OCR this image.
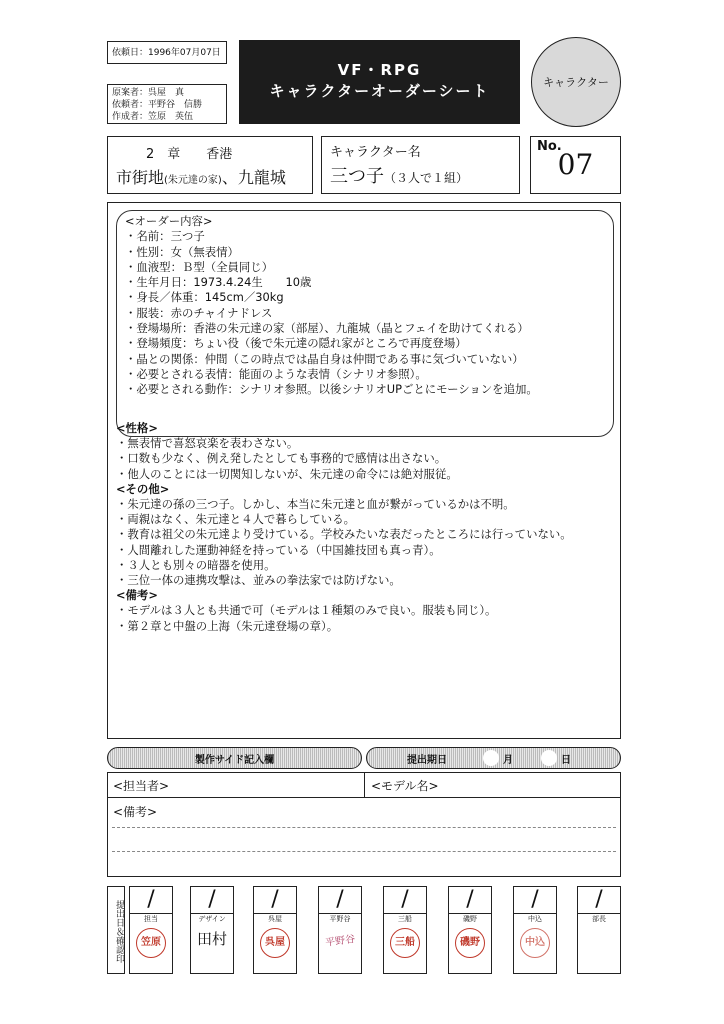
依頼日：1996年07月07日
原案者：呉屋　真
依頼者：平野谷　信勝
作成者：笠原　英伍
VF・RPG
キャラクターオーダーシート	キャラクター
2　章　　香港
市街地(朱元達の家)、九龍城
キャラクター名
三つ子（３人で１組）
No.
07
<オーダー内容>
・名前：三つ子
・性別：女（無表情）
・血液型：Ｂ型（全員同じ）
・生年月日：1973.4.24生　　10歳
・身長／体重：145cm／30kg
・服装：赤のチャイナドレス
・登場場所：香港の朱元達の家（部屋）、九龍城（晶とフェイを助けてくれる）
・登場頻度：ちょい役（後で朱元達の隠れ家がところで再度登場）
・晶との関係：仲間（この時点では晶自身は仲間である事に気づいていない）
・必要とされる表情：能面のような表情（シナリオ参照）。
・必要とされる動作：シナリオ参照。以後シナリオUPごとにモーションを追加。
<性格>
・無表情で喜怒哀楽を表わさない。
・口数も少なく、例え発したとしても事務的で感情は出さない。
・他人のことには一切関知しないが、朱元達の命令には絶対服従。
<その他>
・朱元達の孫の三つ子。しかし、本当に朱元達と血が繋がっているかは不明。
・両親はなく、朱元達と４人で暮らしている。
・教育は祖父の朱元達より受けている。学校みたいな表だったところには行っていない。
・人間離れした運動神経を持っている（中国雑技団も真っ青）。
・３人とも別々の暗器を使用。
・三位一体の連携攻撃は、並みの拳法家では防げない。
<備考>
・モデルは３人とも共通で可（モデルは１種類のみで良い。服装も同じ）。
・第２章と中盤の上海（朱元達登場の章）。
製作サイド記入欄	提出期日	月	日
<担当者>	<モデル名>
<備考>
提出日＆確認印	/
担当
笠原
/
デザイン
田村
/
呉屋
呉屋
/
平野谷
平野谷
/
三船
三船
/
磯野
磯野
/
中込
中込
/
部長
